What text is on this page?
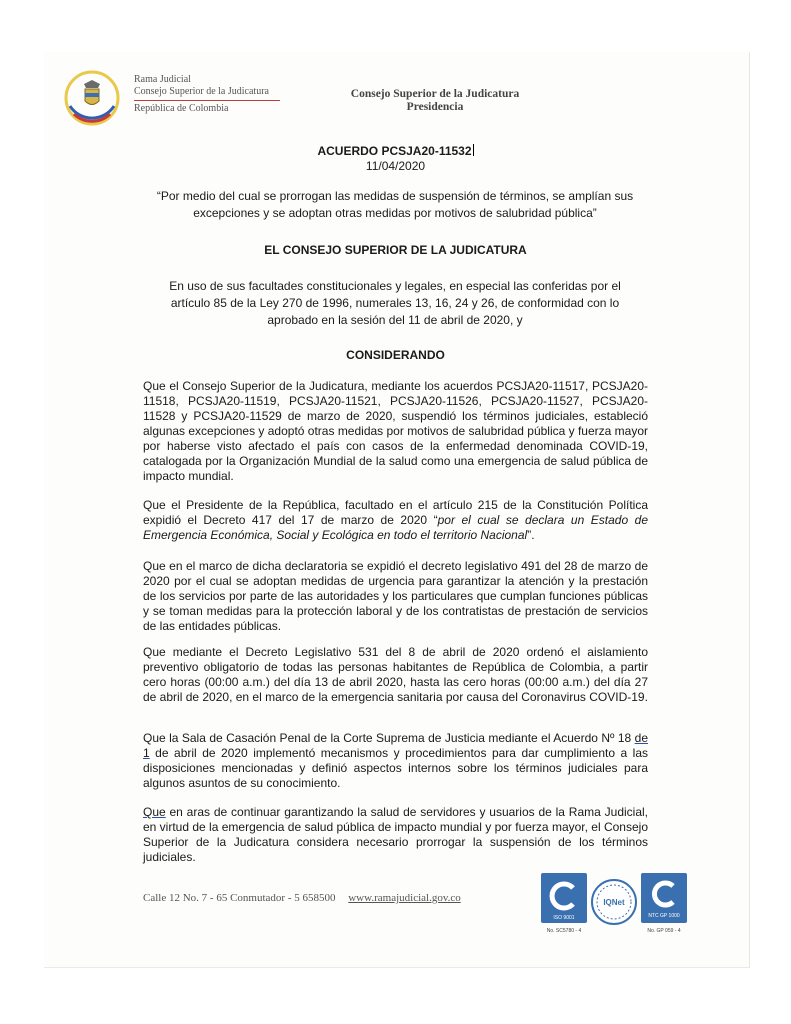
Rama Judicial
Consejo Superior de la Judicatura
República de Colombia
Consejo Superior de la Judicatura
Presidencia
ACUERDO PCSJA20-11532
11/04/2020
“Por medio del cual se prorrogan las medidas de suspensión de términos, se amplían sus excepciones y se adoptan otras medidas por motivos de salubridad pública”
EL CONSEJO SUPERIOR DE LA JUDICATURA
En uso de sus facultades constitucionales y legales, en especial las conferidas por el artículo 85 de la Ley 270 de 1996, numerales 13, 16, 24 y 26, de conformidad con lo aprobado en la sesión del 11 de abril de 2020, y
CONSIDERANDO
Que el Consejo Superior de la Judicatura, mediante los acuerdos PCSJA20-11517, PCSJA20-11518, PCSJA20-11519, PCSJA20-11521, PCSJA20-11526, PCSJA20-11527, PCSJA20-11528 y PCSJA20-11529 de marzo de 2020, suspendió los términos judiciales, estableció algunas excepciones y adoptó otras medidas por motivos de salubridad pública y fuerza mayor por haberse visto afectado el país con casos de la enfermedad denominada COVID-19, catalogada por la Organización Mundial de la salud como una emergencia de salud pública de impacto mundial.
Que el Presidente de la República, facultado en el artículo 215 de la Constitución Política expidió el Decreto 417 del 17 de marzo de 2020 “por el cual se declara un Estado de Emergencia Económica, Social y Ecológica en todo el territorio Nacional”.
Que en el marco de dicha declaratoria se expidió el decreto legislativo 491 del 28 de marzo de 2020 por el cual se adoptan medidas de urgencia para garantizar la atención y la prestación de los servicios por parte de las autoridades y los particulares que cumplan funciones públicas y se toman medidas para la protección laboral y de los contratistas de prestación de servicios de las entidades públicas.
Que mediante el Decreto Legislativo 531 del 8 de abril de 2020 ordenó el aislamiento preventivo obligatorio de todas las personas habitantes de República de Colombia, a partir cero horas (00:00 a.m.) del día 13 de abril 2020, hasta las cero horas (00:00 a.m.) del día 27 de abril de 2020, en el marco de la emergencia sanitaria por causa del Coronavirus COVID-19.
Que la Sala de Casación Penal de la Corte Suprema de Justicia mediante el Acuerdo Nº 18 de 1 de abril de 2020 implementó mecanismos y procedimientos para dar cumplimiento a las disposiciones mencionadas y definió aspectos internos sobre los términos judiciales para algunos asuntos de su conocimiento.
Que en aras de continuar garantizando la salud de servidores y usuarios de la Rama Judicial, en virtud de la emergencia de salud pública de impacto mundial y por fuerza mayor, el Consejo Superior de la Judicatura considera necesario prorrogar la suspensión de los términos judiciales.
Calle 12 No. 7 - 65 Conmutador - 5 658500 www.ramajudicial.gov.co
ISO 9001
No. SC5780 - 4
IQNet
NTC GP 1000
No. GP 059 - 4
